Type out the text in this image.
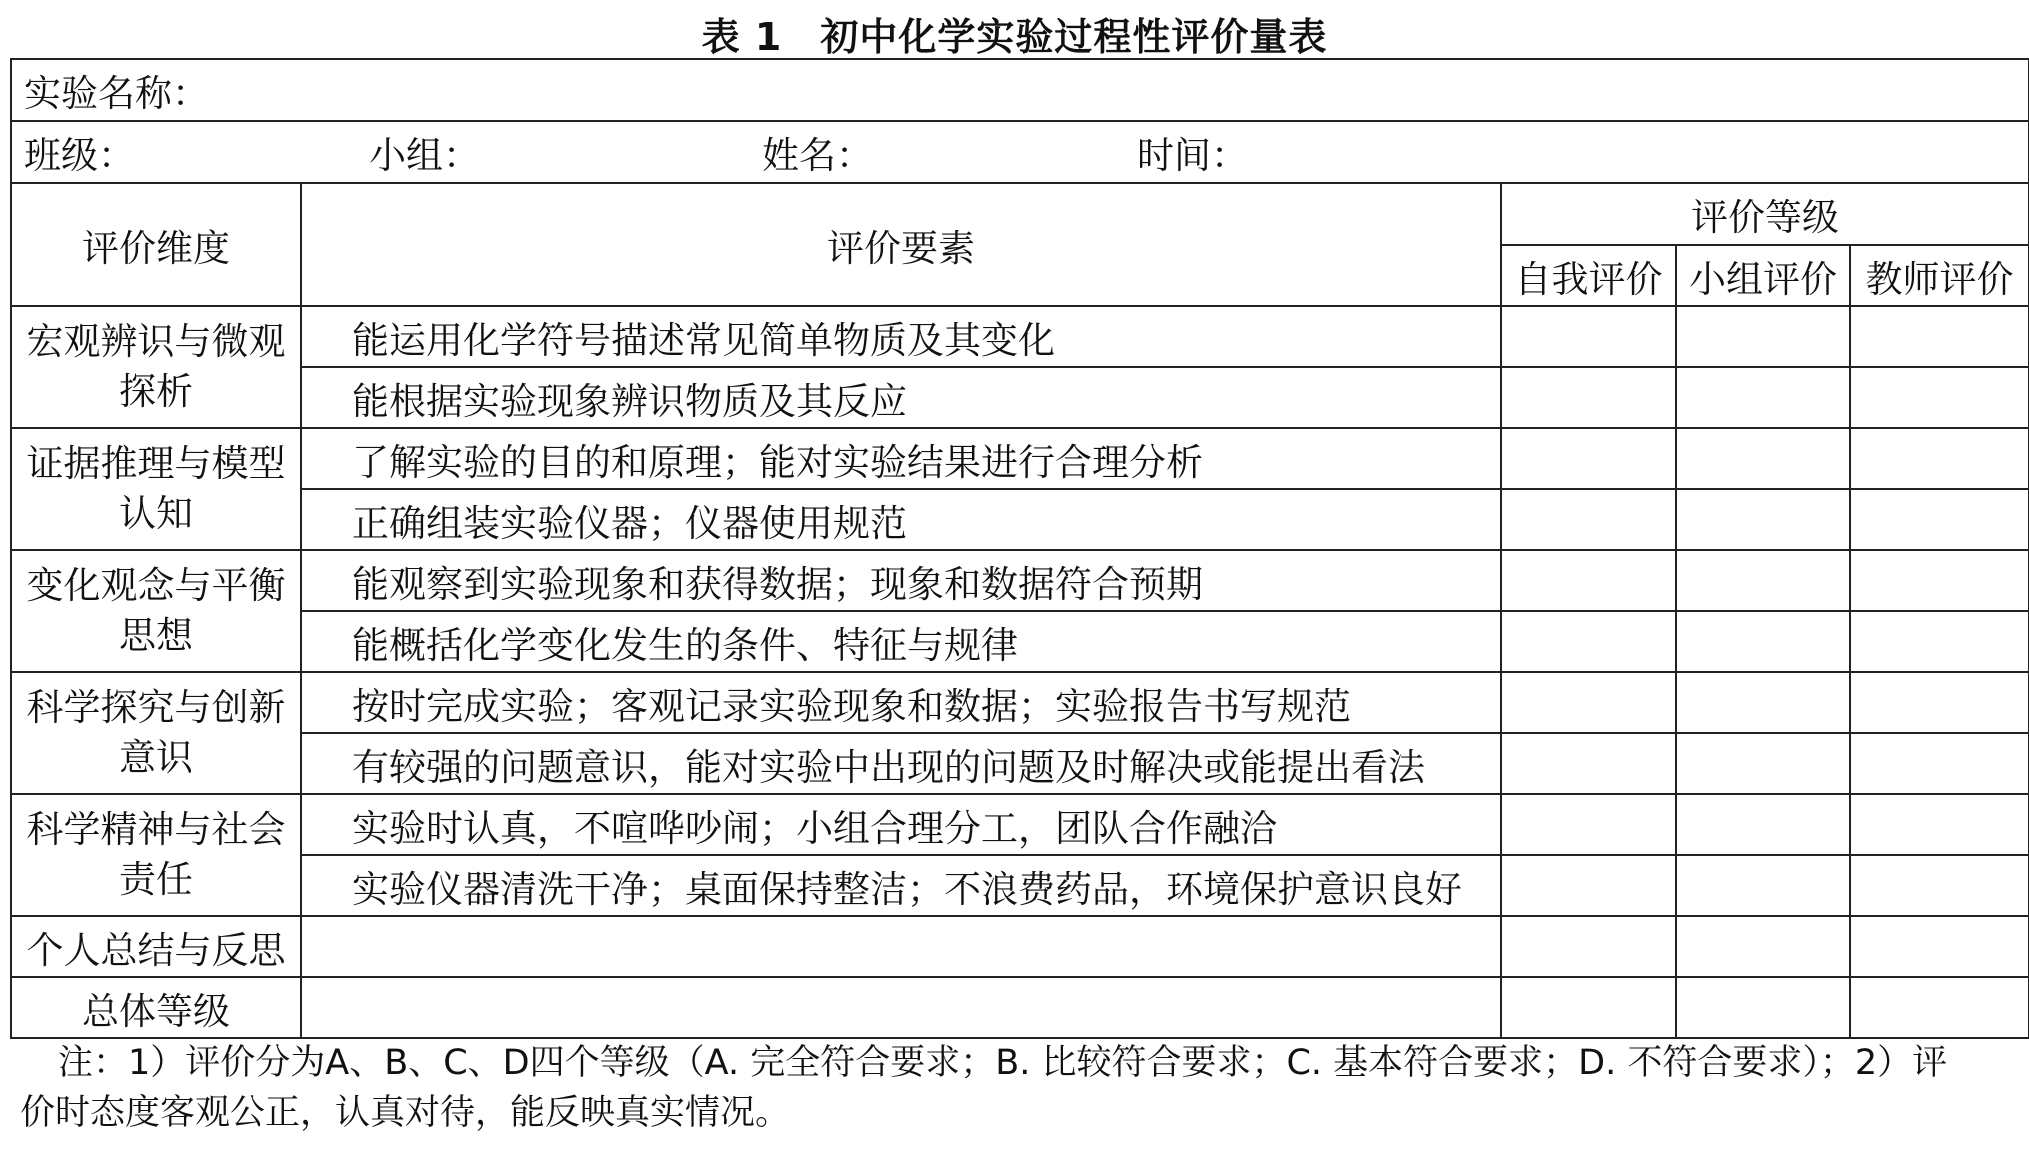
表 1 初中化学实验过程性评价量表
实验名称：				

班级： 小组： 姓名： 时间：				

评价维度	评价要素	评价等级		
		自我评价	小组评价	教师评价
宏观辨识与微观探析	能运用化学符号描述常见简单物质及其变化			
	能根据实验现象辨识物质及其反应			
证据推理与模型认知	了解实验的目的和原理；能对实验结果进行合理分析			
	正确组装实验仪器；仪器使用规范			
变化观念与平衡思想	能观察到实验现象和获得数据；现象和数据符合预期			
	能概括化学变化发生的条件、特征与规律			
科学探究与创新意识	按时完成实验；客观记录实验现象和数据；实验报告书写规范			
	有较强的问题意识，能对实验中出现的问题及时解决或能提出看法			
科学精神与社会责任	实验时认真，不喧哗吵闹；小组合理分工，团队合作融洽			
	实验仪器清洗干净；桌面保持整洁；不浪费药品，环境保护意识良好			
个人总结与反思				
总体等级				

注：1）评价分为A、B、C、D四个等级（A. 完全符合要求；B. 比较符合要求；C. 基本符合要求；D. 不符合要求）；2）评

价时态度客观公正，认真对待，能反映真实情况。
